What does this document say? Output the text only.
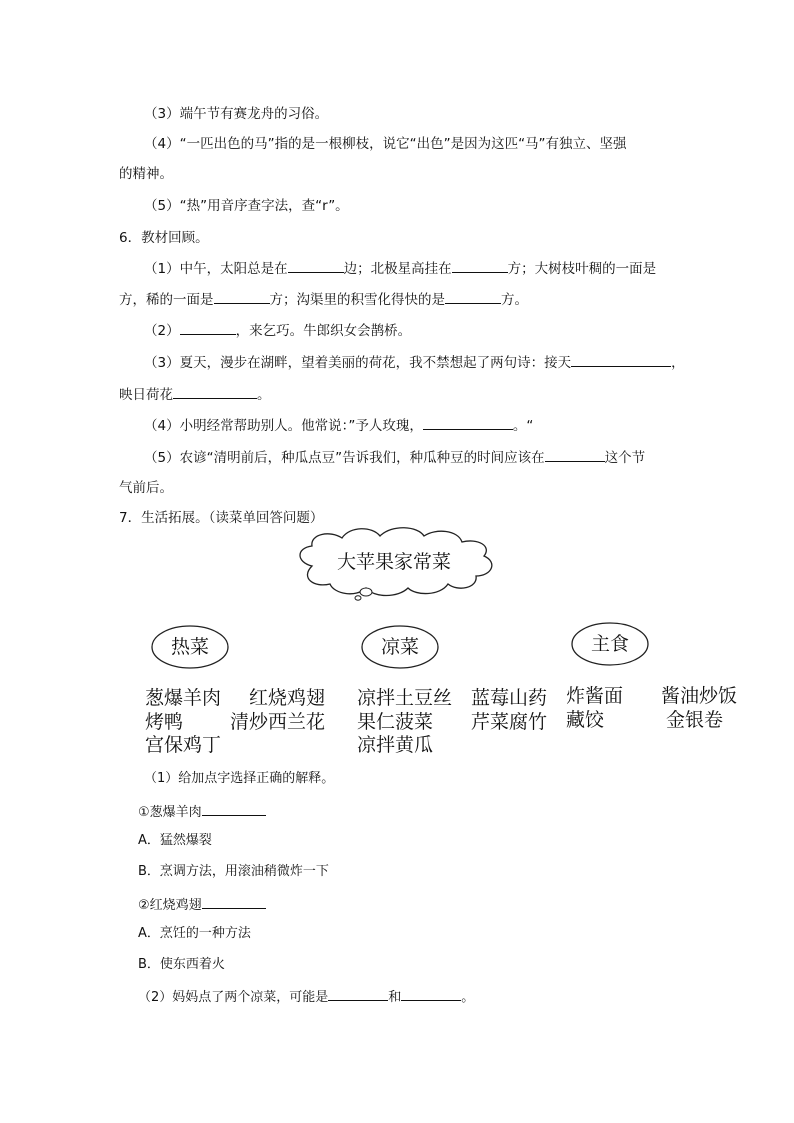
（3）端午节有赛龙舟的习俗。
（4）“一匹出色的马”指的是一根柳枝，说它“出色”是因为这匹“马”有独立、坚强
的精神。
（5）“热”用音序查字法，查“r”。
6．教材回顾。
（1）中午，太阳总是在	边；北极星高挂在	方；大树枝叶稠的一面是
方，稀的一面是	方；沟渠里的积雪化得快的是	方。
（2）	，来乞巧。牛郎织女会鹊桥。
（3）夏天，漫步在湖畔，望着美丽的荷花，我不禁想起了两句诗：接天	，
映日荷花	。
（4）小明经常帮助别人。他常说：”予人玫瑰，	。“
（5）农谚“清明前后，种瓜点豆”告诉我们，种瓜种豆的时间应该在	这个节
气前后。
7．生活拓展。（读菜单回答问题）
大苹果家常菜
热菜	凉菜	主食
葱爆羊肉 红烧鸡翅
烤鸭 清炒西兰花
宫保鸡丁
凉拌土豆丝 蓝莓山药
果仁菠菜 芹菜腐竹
凉拌黄瓜
炸酱面 酱油炒饭
藏饺	金银卷
（1）给加点字选择正确的解释。
①葱爆羊肉
A．猛然爆裂
B．烹调方法，用滚油稍微炸一下
②红烧鸡翅
A．烹饪的一种方法
B．使东西着火
（2）妈妈点了两个凉菜，可能是	和	。
